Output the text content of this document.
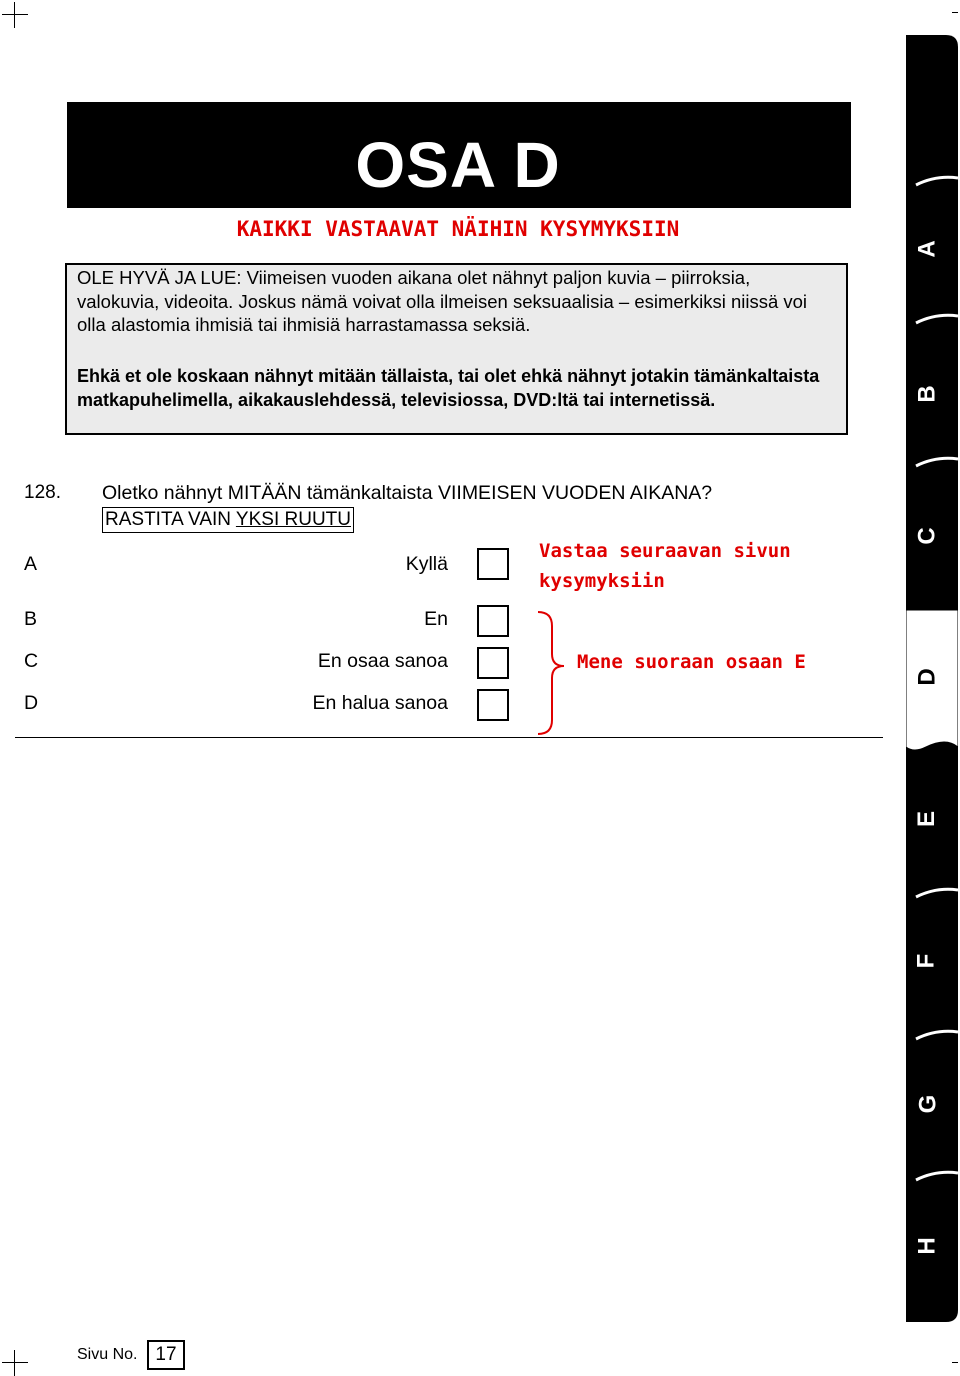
OSA D
KAIKKI VASTAAVAT NÄIHIN KYSYMYKSIIN
OLE HYVÄ JA LUE: Viimeisen vuoden aikana olet nähnyt paljon kuvia – piirroksia, valokuvia, videoita. Joskus nämä voivat olla ilmeisen seksuaalisia – esimerkiksi niissä voi olla alastomia ihmisiä tai ihmisiä harrastamassa seksiä.
Ehkä et ole koskaan nähnyt mitään tällaista, tai olet ehkä nähnyt jotakin tämänkaltaista matkapuhelimella, aikakauslehdessä, televisiossa, DVD:ltä tai internetissä.
128. Oletko nähnyt MITÄÄN tämänkaltaista VIIMEISEN VUODEN AIKANA?
RASTITA VAIN YKSI RUUTU
A	Kyllä
B	En
C	En osaa sanoa
D	En halua sanoa
Vastaa seuraavan sivun
kysymyksiin
Mene suoraan osaan E
A
B
C
D
E
F
G
H
Sivu No. 17
